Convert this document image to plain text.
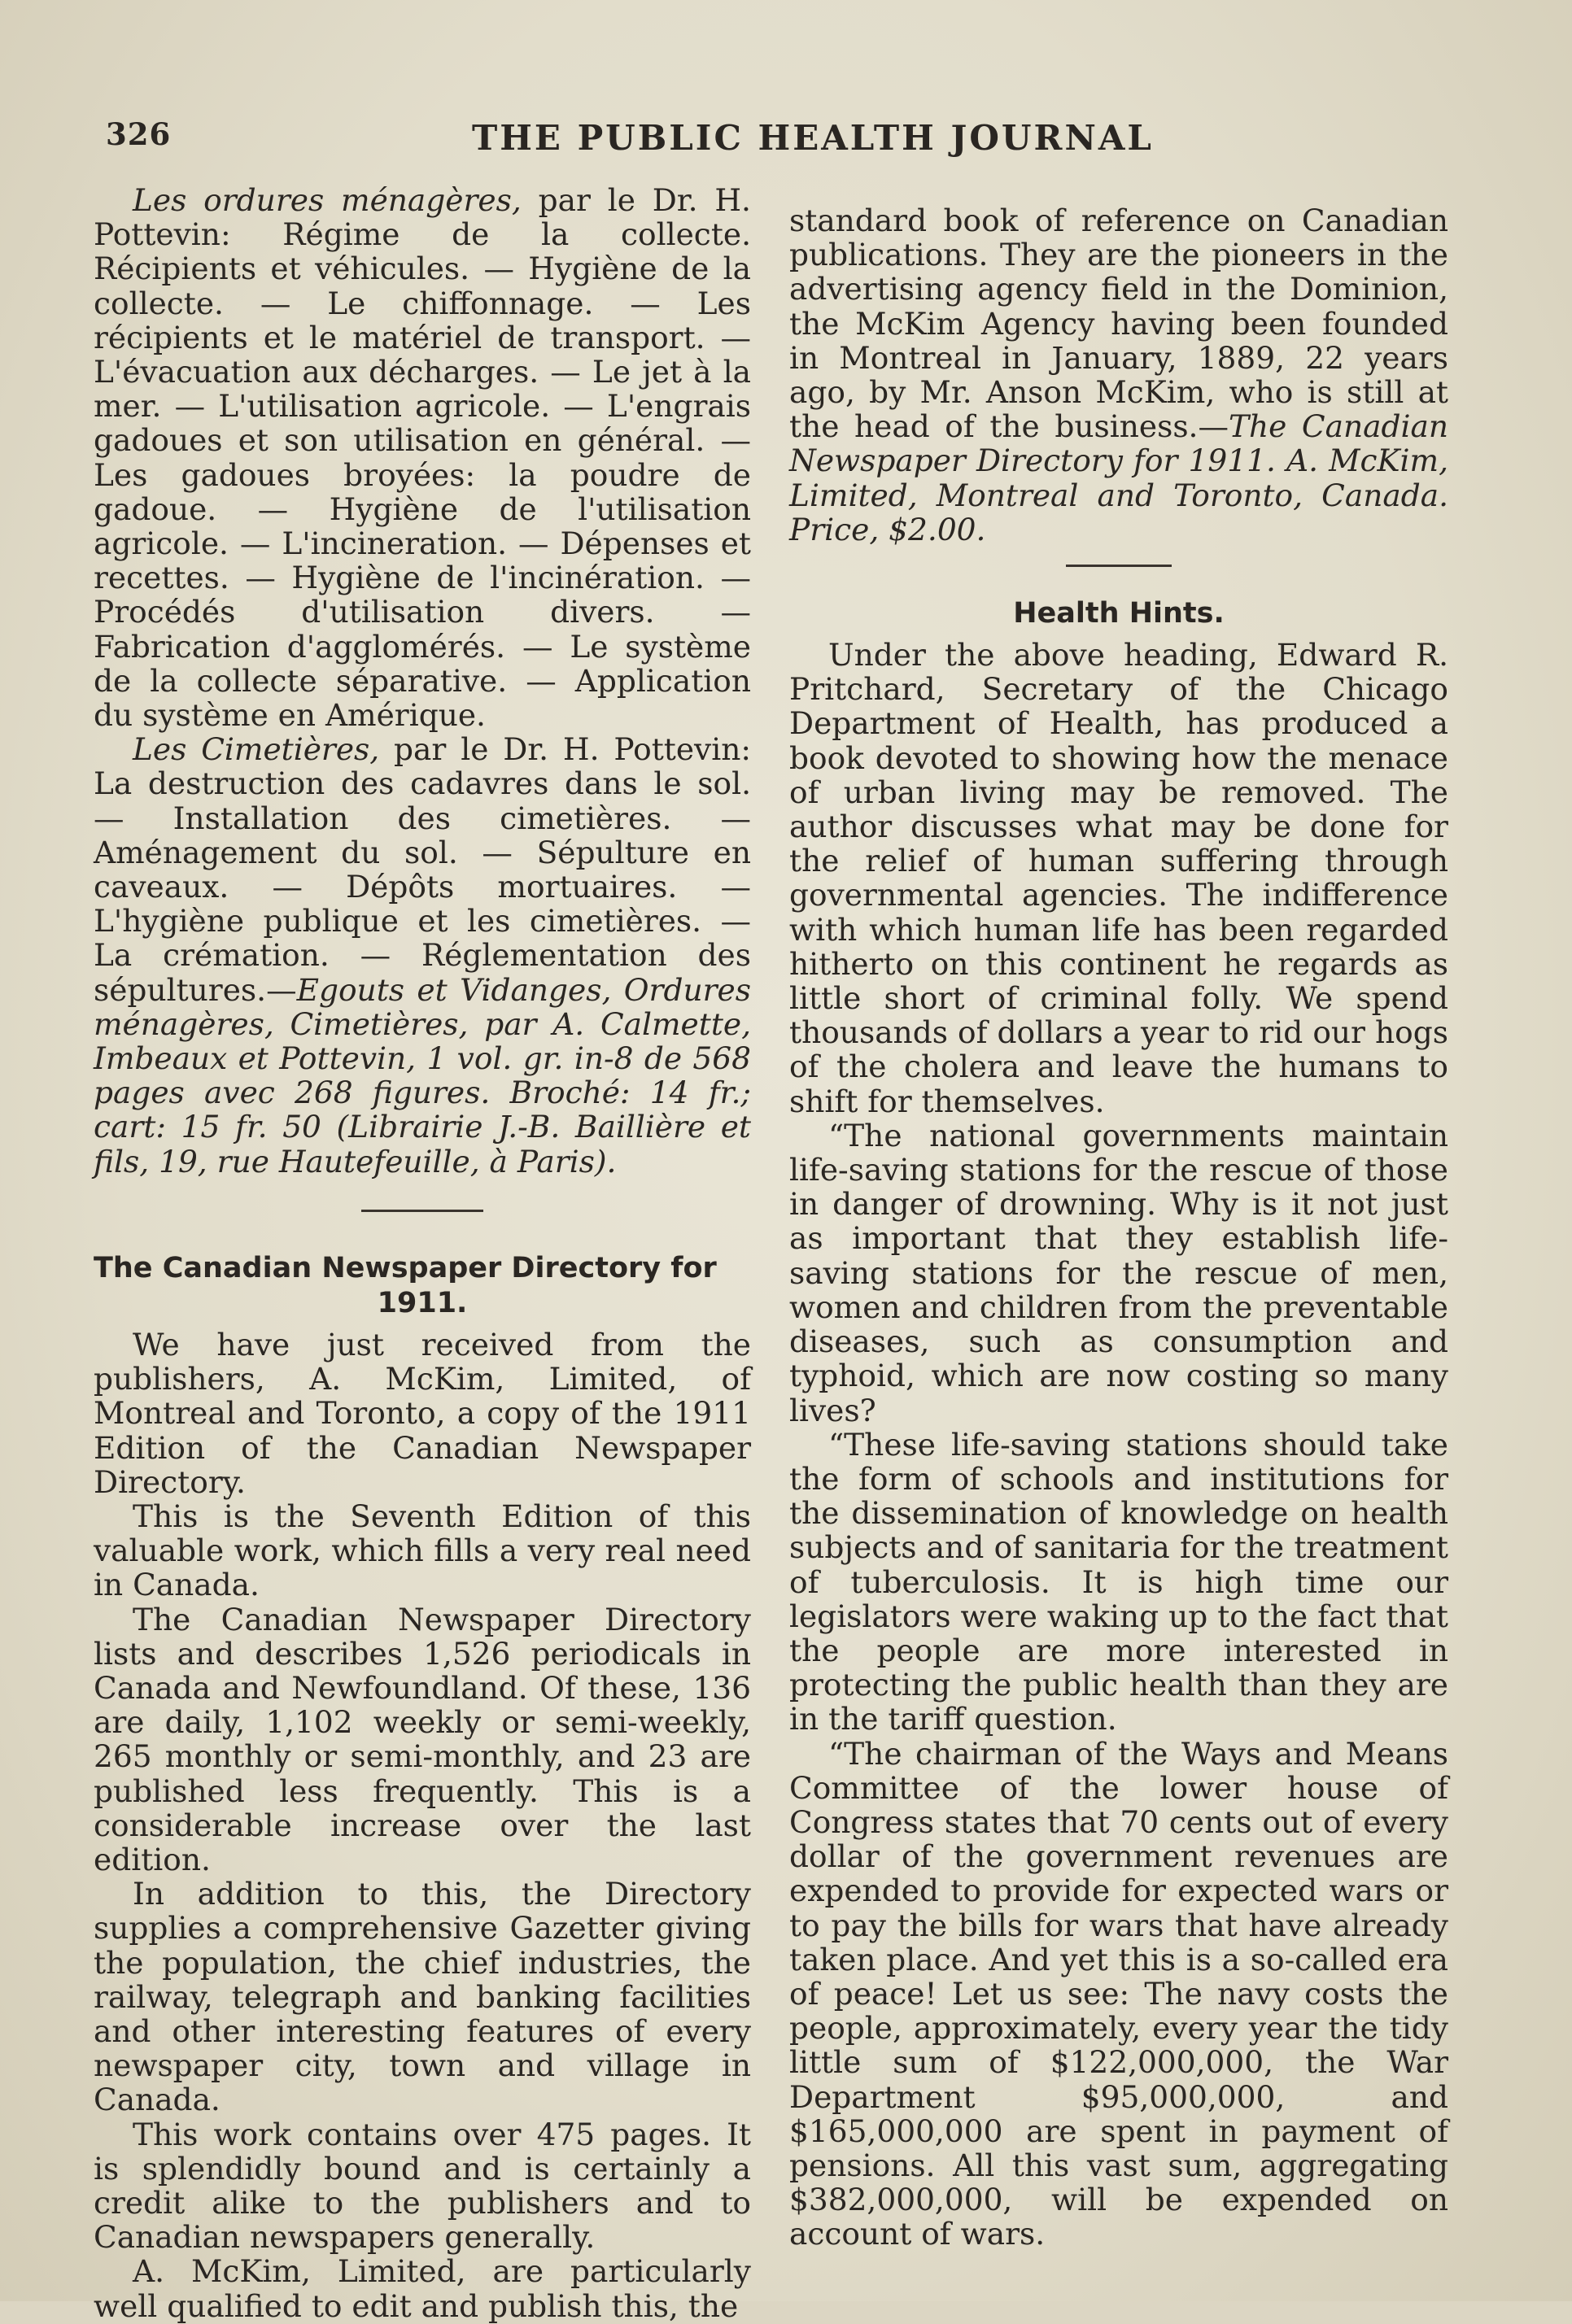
326	THE PUBLIC HEALTH JOURNAL

Les ordures ménagères, par le Dr. H. Pottevin: Régime de la collecte. Récipients et véhicules. — Hygiène de la collecte. — Le chiffonnage. — Les récipients et le matériel de transport. — L'évacuation aux décharges. — Le jet à la mer. — L'utilisation agricole. — L'engrais gadoues et son utilisation en général. — Les gadoues broyées: la poudre de gadoue. — Hygiène de l'utilisation agricole. — L'incineration. — Dépenses et recettes. — Hygiène de l'incinération. — Procédés d'utilisation divers. — Fabrication d'agglomérés. — Le système de la collecte séparative. — Application du système en Amérique.

Les Cimetières, par le Dr. H. Pottevin: La destruction des cadavres dans le sol. — Installation des cimetières. — Aménagement du sol. — Sépulture en caveaux. — Dépôts mortuaires. — L'hygiène publique et les cimetières. — La crémation. — Réglementation des sépultures.—Egouts et Vidanges, Ordures ménagères, Cimetières, par A. Calmette, Imbeaux et Pottevin, 1 vol. gr. in-8 de 568 pages avec 268 figures. Broché: 14 fr.; cart: 15 fr. 50 (Librairie J.-B. Baillière et fils, 19, rue Hautefeuille, à Paris).

The Canadian Newspaper Directory for
1911.

We have just received from the publishers, A. McKim, Limited, of Montreal and Toronto, a copy of the 1911 Edition of the Canadian Newspaper Directory.

This is the Seventh Edition of this valuable work, which fills a very real need in Canada.

The Canadian Newspaper Directory lists and describes 1,526 periodicals in Canada and Newfoundland. Of these, 136 are daily, 1,102 weekly or semi-weekly, 265 monthly or semi-monthly, and 23 are published less frequently. This is a considerable increase over the last edition.

In addition to this, the Directory supplies a comprehensive Gazetter giving the population, the chief industries, the railway, telegraph and banking facilities and other interesting features of every newspaper city, town and village in Canada.

This work contains over 475 pages. It is splendidly bound and is certainly a credit alike to the publishers and to Canadian newspapers generally.

A. McKim, Limited, are particularly well qualified to edit and publish this, the

standard book of reference on Canadian publications. They are the pioneers in the advertising agency field in the Dominion, the McKim Agency having been founded in Montreal in January, 1889, 22 years ago, by Mr. Anson McKim, who is still at the head of the business.—The Canadian Newspaper Directory for 1911. A. McKim, Limited, Montreal and Toronto, Canada. Price, $2.00.

Health Hints.

Under the above heading, Edward R. Pritchard, Secretary of the Chicago Department of Health, has produced a book devoted to showing how the menace of urban living may be removed. The author discusses what may be done for the relief of human suffering through governmental agencies. The indifference with which human life has been regarded hitherto on this continent he regards as little short of criminal folly. We spend thousands of dollars a year to rid our hogs of the cholera and leave the humans to shift for themselves.

“The national governments maintain life-saving stations for the rescue of those in danger of drowning. Why is it not just as important that they establish life-saving stations for the rescue of men, women and children from the preventable diseases, such as consumption and typhoid, which are now costing so many lives?

“These life-saving stations should take the form of schools and institutions for the dissemination of knowledge on health subjects and of sanitaria for the treatment of tuberculosis. It is high time our legislators were waking up to the fact that the people are more interested in protecting the public health than they are in the tariff question.

“The chairman of the Ways and Means Committee of the lower house of Congress states that 70 cents out of every dollar of the government revenues are expended to provide for expected wars or to pay the bills for wars that have already taken place. And yet this is a so-called era of peace! Let us see: The navy costs the people, approximately, every year the tidy little sum of $122,000,000, the War Department $95,000,000, and $165,000,000 are spent in payment of pensions. All this vast sum, aggregating $382,000,000, will be expended on account of wars.
